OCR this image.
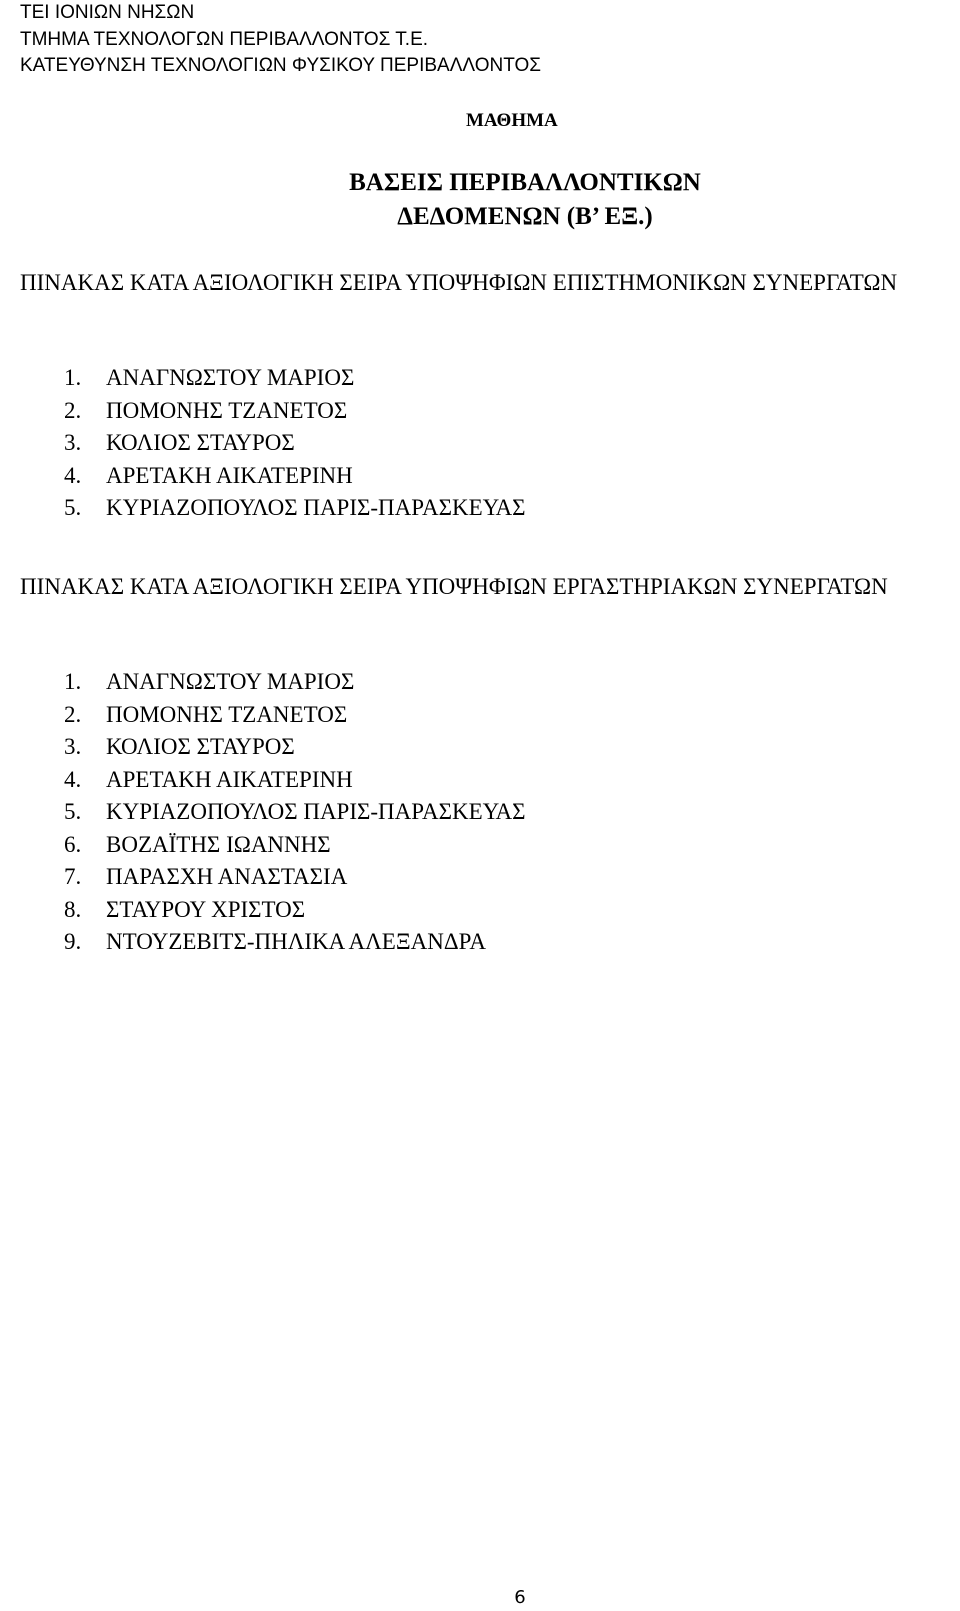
ΤΕΙ ΙΟΝΙΩΝ ΝΗΣΩΝ
ΤΜΗΜΑ ΤΕΧΝΟΛΟΓΩΝ ΠΕΡΙΒΑΛΛΟΝΤΟΣ Τ.Ε.
ΚΑΤΕΥΘΥΝΣΗ ΤΕΧΝΟΛΟΓΙΩΝ ΦΥΣΙΚΟΥ ΠΕΡΙΒΑΛΛΟΝΤΟΣ
ΜΑΘΗΜΑ
ΒΑΣΕΙΣ ΠΕΡΙΒΑΛΛΟΝΤΙΚΩΝ
ΔΕΔΟΜΕΝΩΝ (Β’ ΕΞ.)
ΠΙΝΑΚΑΣ ΚΑΤΑ ΑΞΙΟΛΟΓΙΚΗ ΣΕΙΡΑ ΥΠΟΨΗΦΙΩΝ ΕΠΙΣΤΗΜΟΝΙΚΩΝ ΣΥΝΕΡΓΑΤΩΝ
1.	ΑΝΑΓΝΩΣΤΟΥ ΜΑΡΙΟΣ
2.	ΠΟΜΟΝΗΣ ΤΖΑΝΕΤΟΣ
3.	ΚΟΛΙΟΣ ΣΤΑΥΡΟΣ
4.	ΑΡΕΤΑΚΗ ΑΙΚΑΤΕΡΙΝΗ
5.	ΚΥΡΙΑΖΟΠΟΥΛΟΣ ΠΑΡΙΣ-ΠΑΡΑΣΚΕΥΑΣ
ΠΙΝΑΚΑΣ ΚΑΤΑ ΑΞΙΟΛΟΓΙΚΗ ΣΕΙΡΑ ΥΠΟΨΗΦΙΩΝ ΕΡΓΑΣΤΗΡΙΑΚΩΝ ΣΥΝΕΡΓΑΤΩΝ
1.	ΑΝΑΓΝΩΣΤΟΥ ΜΑΡΙΟΣ
2.	ΠΟΜΟΝΗΣ ΤΖΑΝΕΤΟΣ
3.	ΚΟΛΙΟΣ ΣΤΑΥΡΟΣ
4.	ΑΡΕΤΑΚΗ ΑΙΚΑΤΕΡΙΝΗ
5.	ΚΥΡΙΑΖΟΠΟΥΛΟΣ ΠΑΡΙΣ-ΠΑΡΑΣΚΕΥΑΣ
6.	ΒΟΖΑΪΤΗΣ ΙΩΑΝΝΗΣ
7.	ΠΑΡΑΣΧΗ ΑΝΑΣΤΑΣΙΑ
8.	ΣΤΑΥΡΟΥ ΧΡΙΣΤΟΣ
9.	ΝΤΟΥΖΕΒΙΤΣ-ΠΗΛΙΚΑ ΑΛΕΞΑΝΔΡΑ
6
